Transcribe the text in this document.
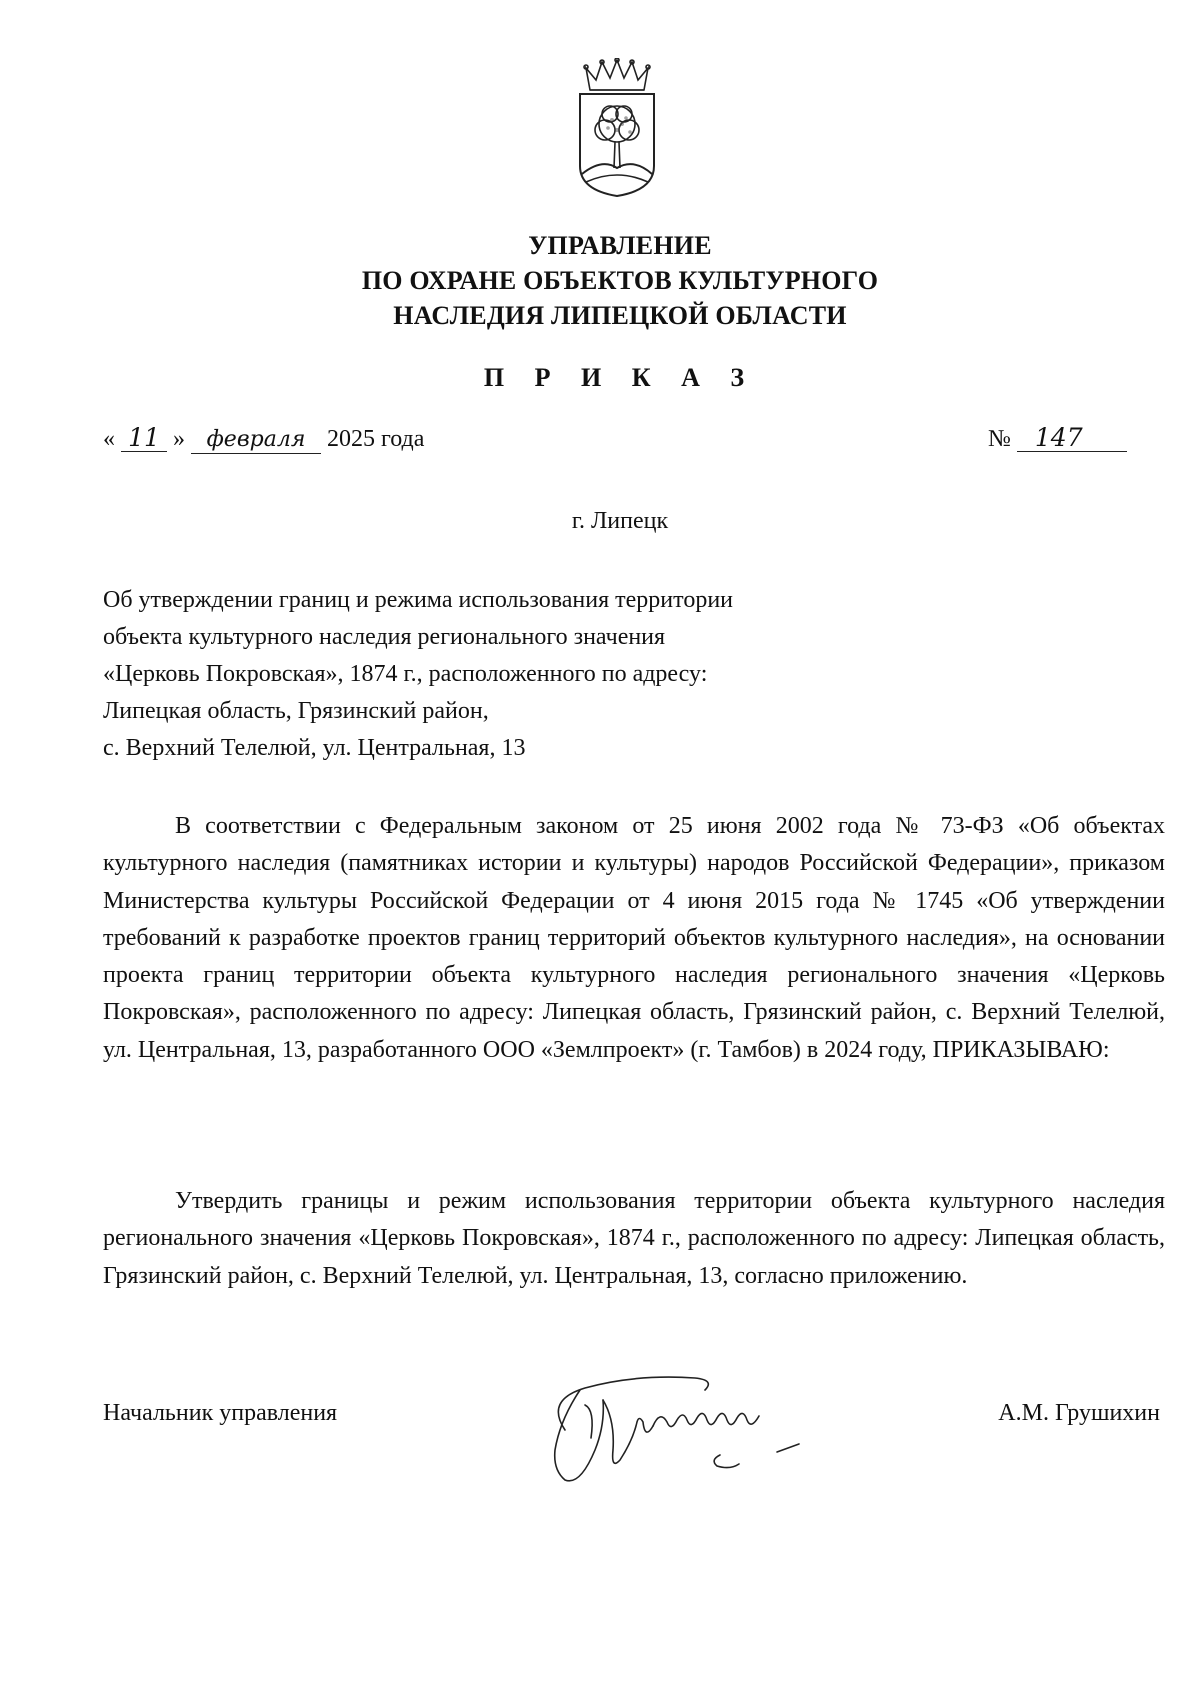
УПРАВЛЕНИЕ
ПО ОХРАНЕ ОБЪЕКТОВ КУЛЬТУРНОГО
НАСЛЕДИЯ ЛИПЕЦКОЙ ОБЛАСТИ
П Р И К А З
« 11 » февраля 2025 года	№ 147
г. Липецк
Об утверждении границ и режима использования территории
объекта культурного наследия регионального значения
«Церковь Покровская», 1874 г., расположенного по адресу:
Липецкая область, Грязинский район,
с. Верхний Телелюй, ул. Центральная, 13

В соответствии с Федеральным законом от 25 июня 2002 года № 73-ФЗ «Об объектах культурного наследия (памятниках истории и культуры) народов Российской Федерации», приказом Министерства культуры Российской Федерации от 4 июня 2015 года № 1745 «Об утверждении требований к разработке проектов границ территорий объектов культурного наследия», на основании проекта границ территории объекта культурного наследия регионального значения «Церковь Покровская», расположенного по адресу: Липецкая область, Грязинский район, с. Верхний Телелюй, ул. Центральная, 13, разработанного ООО «Землпроект» (г. Тамбов) в 2024 году, ПРИКАЗЫВАЮ:

Утвердить границы и режим использования территории объекта культурного наследия регионального значения «Церковь Покровская», 1874 г., расположенного по адресу: Липецкая область, Грязинский район, с. Верхний Телелюй, ул. Центральная, 13, согласно приложению.

Начальник управления	А.М. Грушихин
